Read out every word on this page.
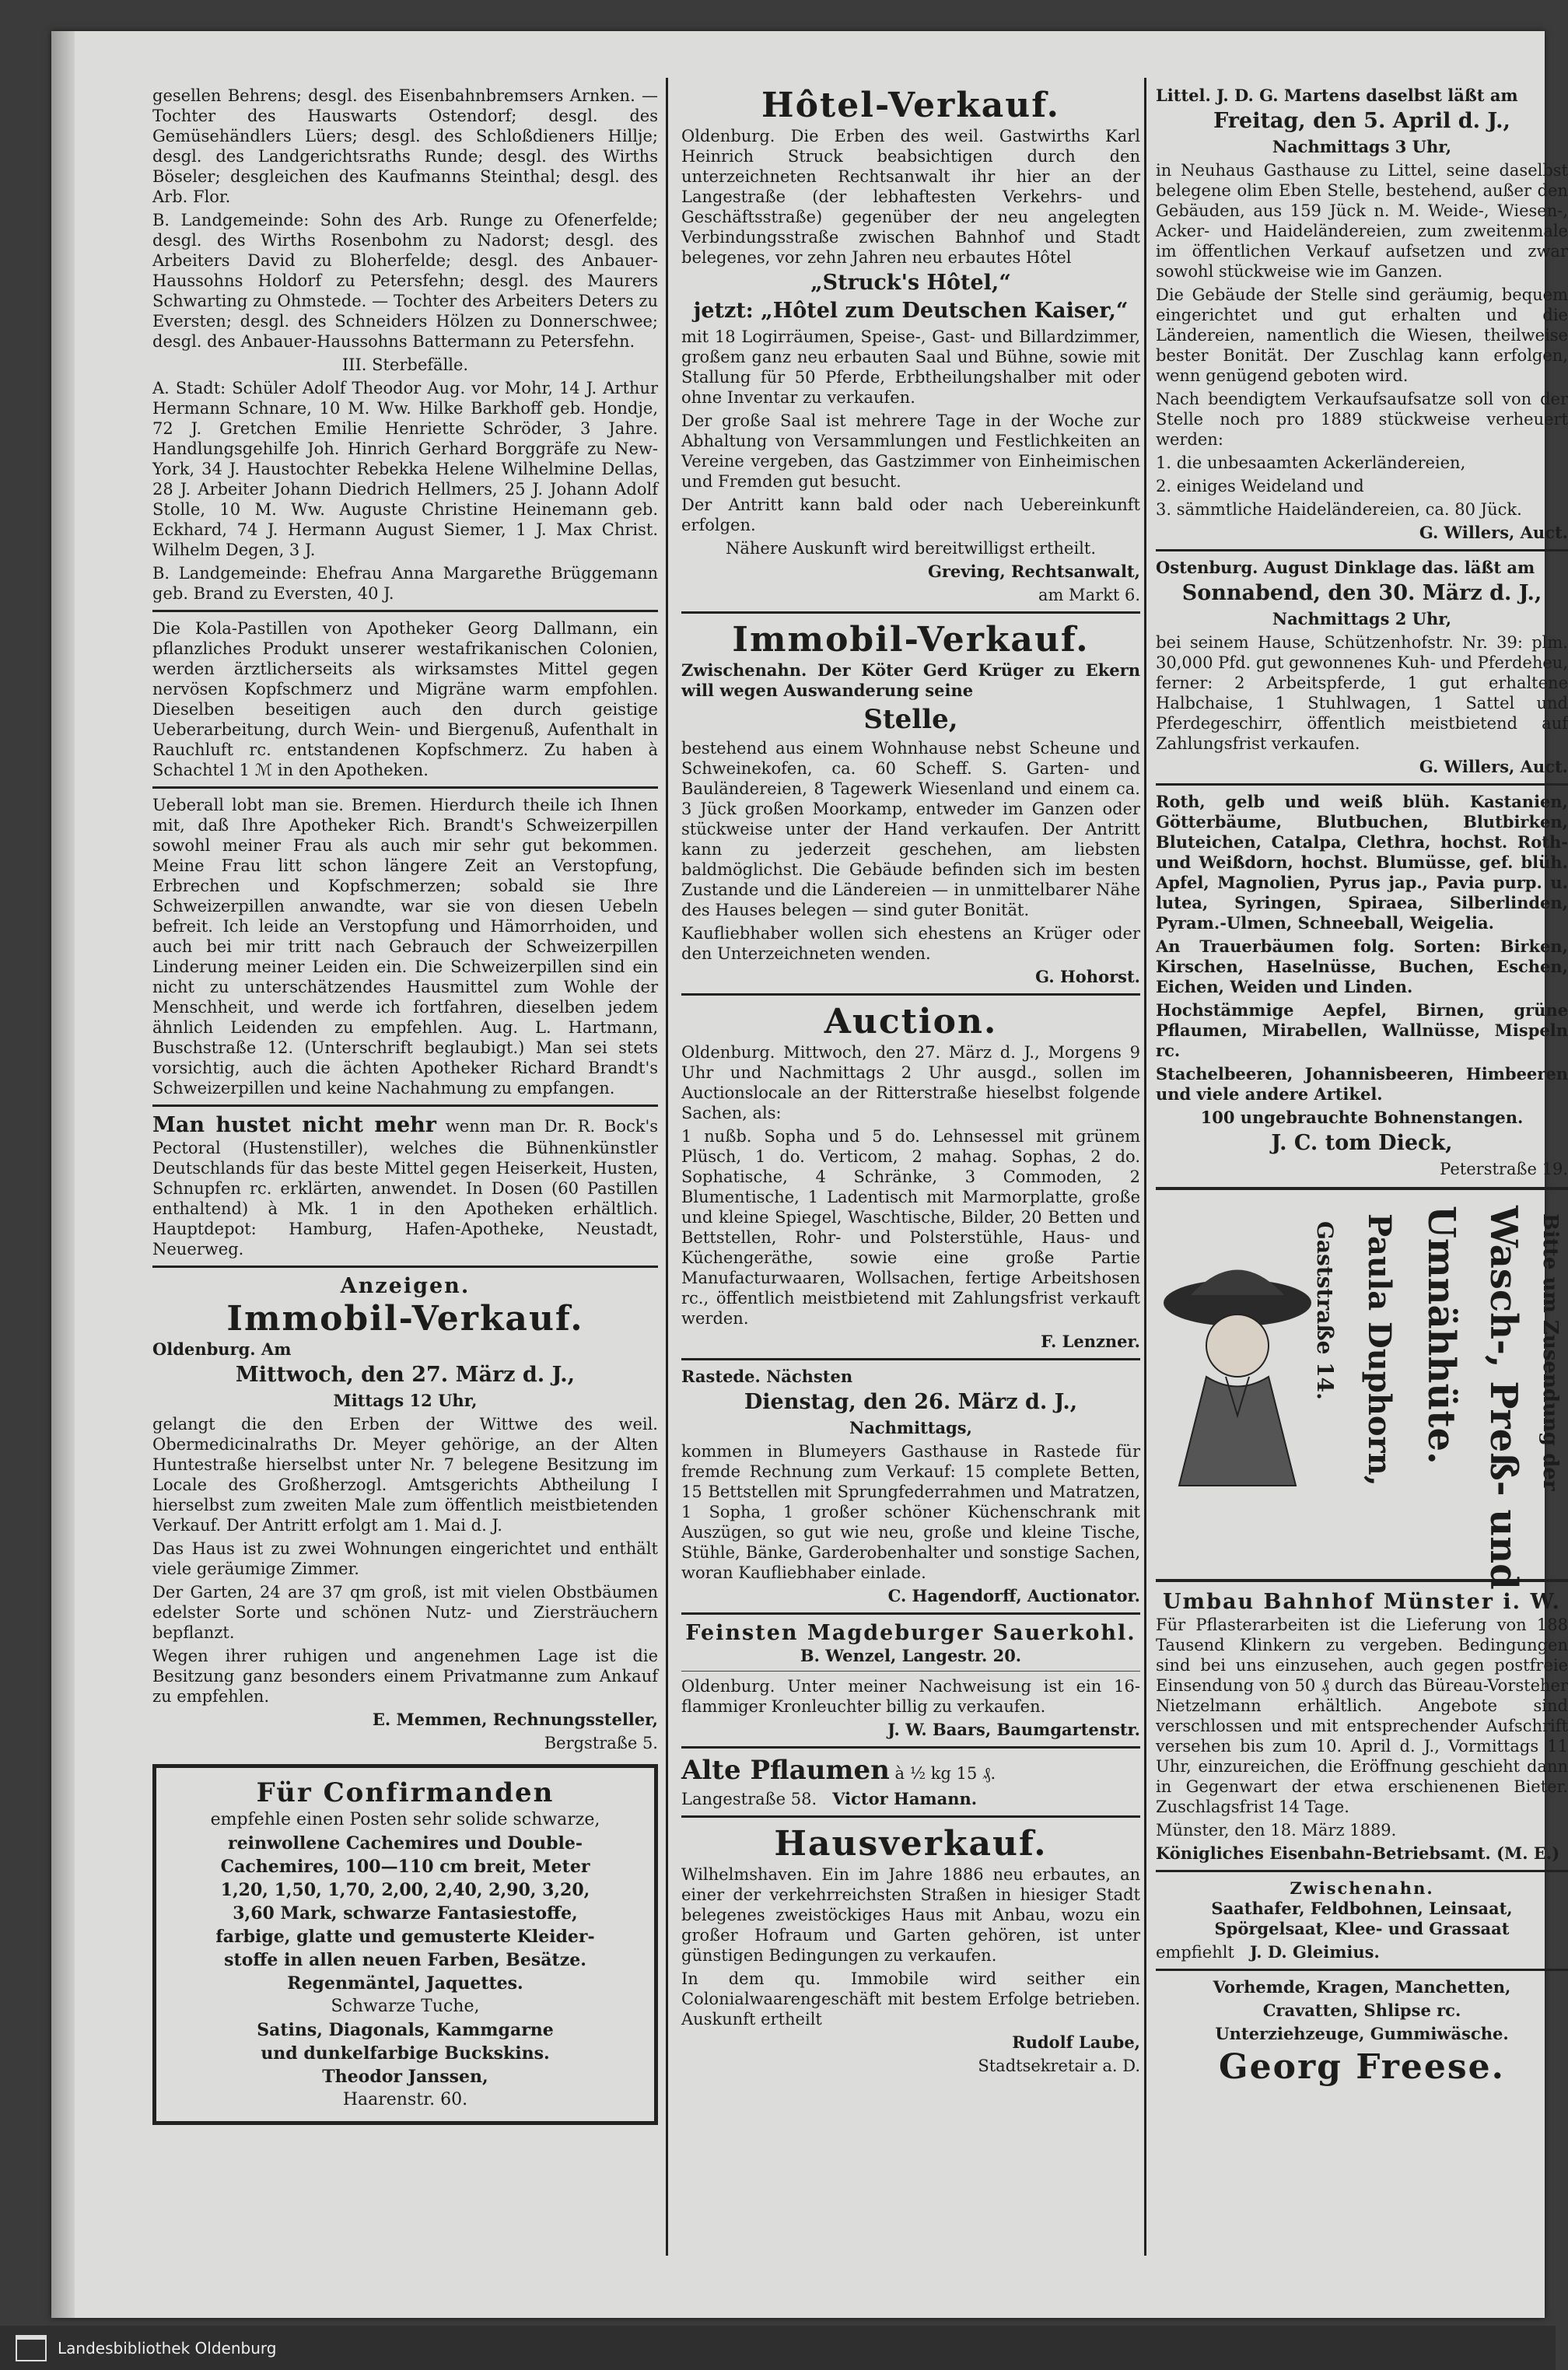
gesellen Behrens; desgl. des Eisenbahnbremsers Arnken. — Tochter des Hauswarts Ostendorf; desgl. des Gemüsehändlers Lüers; desgl. des Schloßdieners Hillje; desgl. des Landgerichtsraths Runde; desgl. des Wirths Böseler; desgleichen des Kaufmanns Steinthal; desgl. des Arb. Flor.

B. Landgemeinde: Sohn des Arb. Runge zu Ofenerfelde; desgl. des Wirths Rosenbohm zu Nadorst; desgl. des Arbeiters David zu Bloherfelde; desgl. des Anbauer-Haussohns Holdorf zu Petersfehn; desgl. des Maurers Schwarting zu Ohmstede. — Tochter des Arbeiters Deters zu Eversten; desgl. des Schneiders Hölzen zu Donnerschwee; desgl. des Anbauer-Haussohns Battermann zu Petersfehn.

III. Sterbefälle.

A. Stadt: Schüler Adolf Theodor Aug. vor Mohr, 14 J. Arthur Hermann Schnare, 10 M. Ww. Hilke Barkhoff geb. Hondje, 72 J. Gretchen Emilie Henriette Schröder, 3 Jahre. Handlungsgehilfe Joh. Hinrich Gerhard Borggräfe zu New-York, 34 J. Haustochter Rebekka Helene Wilhelmine Dellas, 28 J. Arbeiter Johann Diedrich Hellmers, 25 J. Johann Adolf Stolle, 10 M. Ww. Auguste Christine Heinemann geb. Eckhard, 74 J. Hermann August Siemer, 1 J. Max Christ. Wilhelm Degen, 3 J.

B. Landgemeinde: Ehefrau Anna Margarethe Brüggemann geb. Brand zu Eversten, 40 J.

Die Kola-Pastillen von Apotheker Georg Dallmann, ein pflanzliches Produkt unserer westafrikanischen Colonien, werden ärztlicherseits als wirksamstes Mittel gegen nervösen Kopfschmerz und Migräne warm empfohlen. Dieselben beseitigen auch den durch geistige Ueberarbeitung, durch Wein- und Biergenuß, Aufenthalt in Rauchluft rc. entstandenen Kopfschmerz. Zu haben à Schachtel 1 ℳ in den Apotheken.

Ueberall lobt man sie. Bremen. Hierdurch theile ich Ihnen mit, daß Ihre Apotheker Rich. Brandt's Schweizerpillen sowohl meiner Frau als auch mir sehr gut bekommen. Meine Frau litt schon längere Zeit an Verstopfung, Erbrechen und Kopfschmerzen; sobald sie Ihre Schweizerpillen anwandte, war sie von diesen Uebeln befreit. Ich leide an Verstopfung und Hämorrhoiden, und auch bei mir tritt nach Gebrauch der Schweizerpillen Linderung meiner Leiden ein. Die Schweizerpillen sind ein nicht zu unterschätzendes Hausmittel zum Wohle der Menschheit, und werde ich fortfahren, dieselben jedem ähnlich Leidenden zu empfehlen. Aug. L. Hartmann, Buschstraße 12. (Unterschrift beglaubigt.) Man sei stets vorsichtig, auch die ächten Apotheker Richard Brandt's Schweizerpillen und keine Nachahmung zu empfangen.

Man hustet nicht mehr wenn man Dr. R. Bock's Pectoral (Hustenstiller), welches die Bühnenkünstler Deutschlands für das beste Mittel gegen Heiserkeit, Husten, Schnupfen rc. erklärten, anwendet. In Dosen (60 Pastillen enthaltend) à Mk. 1 in den Apotheken erhältlich. Hauptdepot: Hamburg, Hafen-Apotheke, Neustadt, Neuerweg.

Anzeigen.
Immobil-Verkauf.

Oldenburg. Am

Mittwoch, den 27. März d. J.,

Mittags 12 Uhr,

gelangt die den Erben der Wittwe des weil. Obermedicinalraths Dr. Meyer gehörige, an der Alten Huntestraße hierselbst unter Nr. 7 belegene Besitzung im Locale des Großherzogl. Amtsgerichts Abtheilung I hierselbst zum zweiten Male zum öffentlich meistbietenden Verkauf. Der Antritt erfolgt am 1. Mai d. J.

Das Haus ist zu zwei Wohnungen eingerichtet und enthält viele geräumige Zimmer.

Der Garten, 24 are 37 qm groß, ist mit vielen Obstbäumen edelster Sorte und schönen Nutz- und Ziersträuchern bepflanzt.

Wegen ihrer ruhigen und angenehmen Lage ist die Besitzung ganz besonders einem Privatmanne zum Ankauf zu empfehlen.

E. Memmen, Rechnungssteller,

Bergstraße 5.

Für Confirmanden

empfehle einen Posten sehr solide schwarze,

reinwollene Cachemires und Double-

Cachemires, 100—110 cm breit, Meter

1,20, 1,50, 1,70, 2,00, 2,40, 2,90, 3,20,

3,60 Mark, schwarze Fantasiestoffe,

farbige, glatte und gemusterte Kleider-

stoffe in allen neuen Farben, Besätze.

Regenmäntel, Jaquettes.

Schwarze Tuche,

Satins, Diagonals, Kammgarne

und dunkelfarbige Buckskins.

Theodor Janssen,

Haarenstr. 60.

Hôtel-Verkauf.

Oldenburg. Die Erben des weil. Gastwirths Karl Heinrich Struck beabsichtigen durch den unterzeichneten Rechtsanwalt ihr hier an der Langestraße (der lebhaftesten Verkehrs- und Geschäftsstraße) gegenüber der neu angelegten Verbindungsstraße zwischen Bahnhof und Stadt belegenes, vor zehn Jahren neu erbautes Hôtel

„Struck's Hôtel,“

jetzt: „Hôtel zum Deutschen Kaiser,“

mit 18 Logirräumen, Speise-, Gast- und Billardzimmer, großem ganz neu erbauten Saal und Bühne, sowie mit Stallung für 50 Pferde, Erbtheilungshalber mit oder ohne Inventar zu verkaufen.

Der große Saal ist mehrere Tage in der Woche zur Abhaltung von Versammlungen und Festlichkeiten an Vereine vergeben, das Gastzimmer von Einheimischen und Fremden gut besucht.

Der Antritt kann bald oder nach Uebereinkunft erfolgen.

Nähere Auskunft wird bereitwilligst ertheilt.

Greving, Rechtsanwalt,

am Markt 6.

Immobil-Verkauf.

Zwischenahn. Der Köter Gerd Krüger zu Ekern will wegen Auswanderung seine

Stelle,

bestehend aus einem Wohnhause nebst Scheune und Schweinekofen, ca. 60 Scheff. S. Garten- und Bauländereien, 8 Tagewerk Wiesenland und einem ca. 3 Jück großen Moorkamp, entweder im Ganzen oder stückweise unter der Hand verkaufen. Der Antritt kann zu jederzeit geschehen, am liebsten baldmöglichst. Die Gebäude befinden sich im besten Zustande und die Ländereien — in unmittelbarer Nähe des Hauses belegen — sind guter Bonität.

Kaufliebhaber wollen sich ehestens an Krüger oder den Unterzeichneten wenden.

G. Hohorst.

Auction.

Oldenburg. Mittwoch, den 27. März d. J., Morgens 9 Uhr und Nachmittags 2 Uhr ausgd., sollen im Auctionslocale an der Ritterstraße hieselbst folgende Sachen, als:

1 nußb. Sopha und 5 do. Lehnsessel mit grünem Plüsch, 1 do. Verticom, 2 mahag. Sophas, 2 do. Sophatische, 4 Schränke, 3 Commoden, 2 Blumentische, 1 Ladentisch mit Marmorplatte, große und kleine Spiegel, Waschtische, Bilder, 20 Betten und Bettstellen, Rohr- und Polsterstühle, Haus- und Küchengeräthe, sowie eine große Partie Manufacturwaaren, Wollsachen, fertige Arbeitshosen rc., öffentlich meistbietend mit Zahlungsfrist verkauft werden.

F. Lenzner.

Rastede. Nächsten

Dienstag, den 26. März d. J.,

Nachmittags,

kommen in Blumeyers Gasthause in Rastede für fremde Rechnung zum Verkauf: 15 complete Betten, 15 Bettstellen mit Sprungfederrahmen und Matratzen, 1 Sopha, 1 großer schöner Küchenschrank mit Auszügen, so gut wie neu, große und kleine Tische, Stühle, Bänke, Garderobenhalter und sonstige Sachen, woran Kaufliebhaber einlade.

C. Hagendorff, Auctionator.

Feinsten Magdeburger Sauerkohl.

B. Wenzel, Langestr. 20.

Oldenburg. Unter meiner Nachweisung ist ein 16-flammiger Kronleuchter billig zu verkaufen.

J. W. Baars, Baumgartenstr.

Alte Pflaumen à ½ kg 15 ₰.

Langestraße 58. Victor Hamann.

Hausverkauf.

Wilhelmshaven. Ein im Jahre 1886 neu erbautes, an einer der verkehrreichsten Straßen in hiesiger Stadt belegenes zweistöckiges Haus mit Anbau, wozu ein großer Hofraum und Garten gehören, ist unter günstigen Bedingungen zu verkaufen.

In dem qu. Immobile wird seither ein Colonialwaarengeschäft mit bestem Erfolge betrieben. Auskunft ertheilt

Rudolf Laube,

Stadtsekretair a. D.

Littel. J. D. G. Martens daselbst läßt am

Freitag, den 5. April d. J.,

Nachmittags 3 Uhr,

in Neuhaus Gasthause zu Littel, seine daselbst belegene olim Eben Stelle, bestehend, außer den Gebäuden, aus 159 Jück n. M. Weide-, Wiesen-, Acker- und Haideländereien, zum zweitenmale im öffentlichen Verkauf aufsetzen und zwar sowohl stückweise wie im Ganzen.

Die Gebäude der Stelle sind geräumig, bequem eingerichtet und gut erhalten und die Ländereien, namentlich die Wiesen, theilweise bester Bonität. Der Zuschlag kann erfolgen, wenn genügend geboten wird.

Nach beendigtem Verkaufsaufsatze soll von der Stelle noch pro 1889 stückweise verheuert werden:

1. die unbesaamten Ackerländereien,

2. einiges Weideland und

3. sämmtliche Haideländereien, ca. 80 Jück.

G. Willers, Auct.

Ostenburg. August Dinklage das. läßt am

Sonnabend, den 30. März d. J.,

Nachmittags 2 Uhr,

bei seinem Hause, Schützenhofstr. Nr. 39: plm. 30,000 Pfd. gut gewonnenes Kuh- und Pferdeheu, ferner: 2 Arbeitspferde, 1 gut erhaltene Halbchaise, 1 Stuhlwagen, 1 Sattel und Pferdegeschirr, öffentlich meistbietend auf Zahlungsfrist verkaufen.

G. Willers, Auct.

Roth, gelb und weiß blüh. Kastanien, Götterbäume, Blutbuchen, Blutbirken, Bluteichen, Catalpa, Clethra, hochst. Roth- und Weißdorn, hochst. Blumüsse, gef. blüh. Apfel, Magnolien, Pyrus jap., Pavia purp. u. lutea, Syringen, Spiraea, Silberlinden, Pyram.-Ulmen, Schneeball, Weigelia.

An Trauerbäumen folg. Sorten: Birken, Kirschen, Haselnüsse, Buchen, Eschen, Eichen, Weiden und Linden.

Hochstämmige Aepfel, Birnen, grüne Pflaumen, Mirabellen, Wallnüsse, Mispeln rc.

Stachelbeeren, Johannisbeeren, Himbeeren und viele andere Artikel.

100 ungebrauchte Bohnenstangen.

J. C. tom Dieck,

Peterstraße 19.

Bitte um Zusendung der
Wasch-, Preß- und
Umnähhüte.
Paula Duphorn,
Gaststraße 14.
Umbau Bahnhof Münster i. W.

Für Pflasterarbeiten ist die Lieferung von 188 Tausend Klinkern zu vergeben. Bedingungen sind bei uns einzusehen, auch gegen postfreie Einsendung von 50 ₰ durch das Büreau-Vorsteher Nietzelmann erhältlich. Angebote sind verschlossen und mit entsprechender Aufschrift versehen bis zum 10. April d. J., Vormittags 11 Uhr, einzureichen, die Eröffnung geschieht dann in Gegenwart der etwa erschienenen Bieter. Zuschlagsfrist 14 Tage.

Münster, den 18. März 1889.

Königliches Eisenbahn-Betriebsamt. (M. E.)

Zwischenahn.

Saathafer, Feldbohnen, Leinsaat, Spörgelsaat, Klee- und Grassaat

empfiehlt J. D. Gleimius.

Vorhemde, Kragen, Manchetten,

Cravatten, Shlipse rc.

Unterziehzeuge, Gummiwäsche.

Georg Freese.
Landesbibliothek Oldenburg
